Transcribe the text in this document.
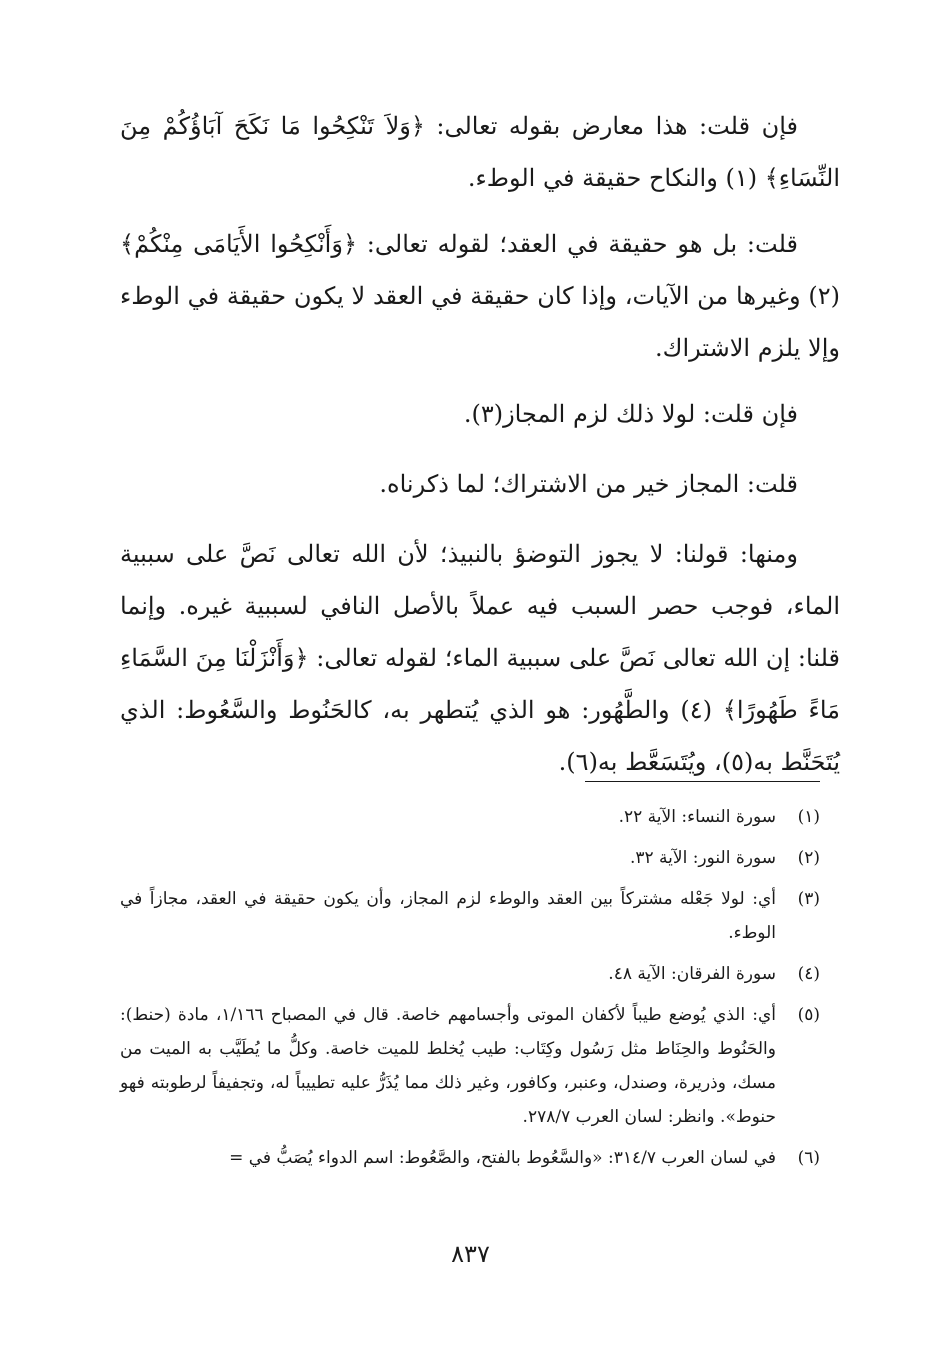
فإن قلت: هذا معارض بقوله تعالى: ﴿وَلاَ تَنْكِحُوا مَا نَكَحَ آبَاؤُكُمْ مِنَ النِّسَاءِ﴾ (١) والنكاح حقيقة في الوطء.

قلت: بل هو حقيقة في العقد؛ لقوله تعالى: ﴿وَأَنْكِحُوا الأَيَامَى مِنْكُمْ﴾ (٢) وغيرها من الآيات، وإذا كان حقيقة في العقد لا يكون حقيقة في الوطء وإلا يلزم الاشتراك.

فإن قلت: لولا ذلك لزم المجاز(٣).

قلت: المجاز خير من الاشتراك؛ لما ذكرناه.

ومنها: قولنا: لا يجوز التوضؤ بالنبيذ؛ لأن الله تعالى نَصَّ على سببية الماء، فوجب حصر السبب فيه عملاً بالأصل النافي لسببية غيره. وإنما قلنا: إن الله تعالى نَصَّ على سببية الماء؛ لقوله تعالى: ﴿وَأَنْزَلْنَا مِنَ السَّمَاءِ مَاءً طَهُورًا﴾ (٤) والطَّهُور: هو الذي يُتطهر به، كالحَنُوط والسَّعُوط: الذي يُتَحَنَّط به(٥)، ويُتَسَعَّط به(٦).

(١)سورة النساء: الآية ٢٢.

(٢)سورة النور: الآية ٣٢.

(٣)أي: لولا جَعْله مشتركاً بين العقد والوطء لزم المجاز، وأن يكون حقيقة في العقد، مجازاً في الوطء.

(٤)سورة الفرقان: الآية ٤٨.

(٥)أي: الذي يُوضع طيباً لأكفان الموتى وأجسامهم خاصة. قال في المصباح ١/١٦٦، مادة (حنط): والحَنُوط والحِنَاط مثل رَسُول وكِتَاب: طيب يُخلط للميت خاصة. وكلُّ ما يُطَيَّب به الميت من مسك، وذريرة، وصندل، وعنبر، وكافور، وغير ذلك مما يُذَرُّ عليه تطييباً له، وتجفيفاً لرطوبته فهو حنوط». وانظر: لسان العرب ٢٧٨/٧.

(٦)في لسان العرب ٣١٤/٧: «والسَّعُوط بالفتح، والصَّعُوط: اسم الدواء يُصَبُّ في =

٨٣٧
